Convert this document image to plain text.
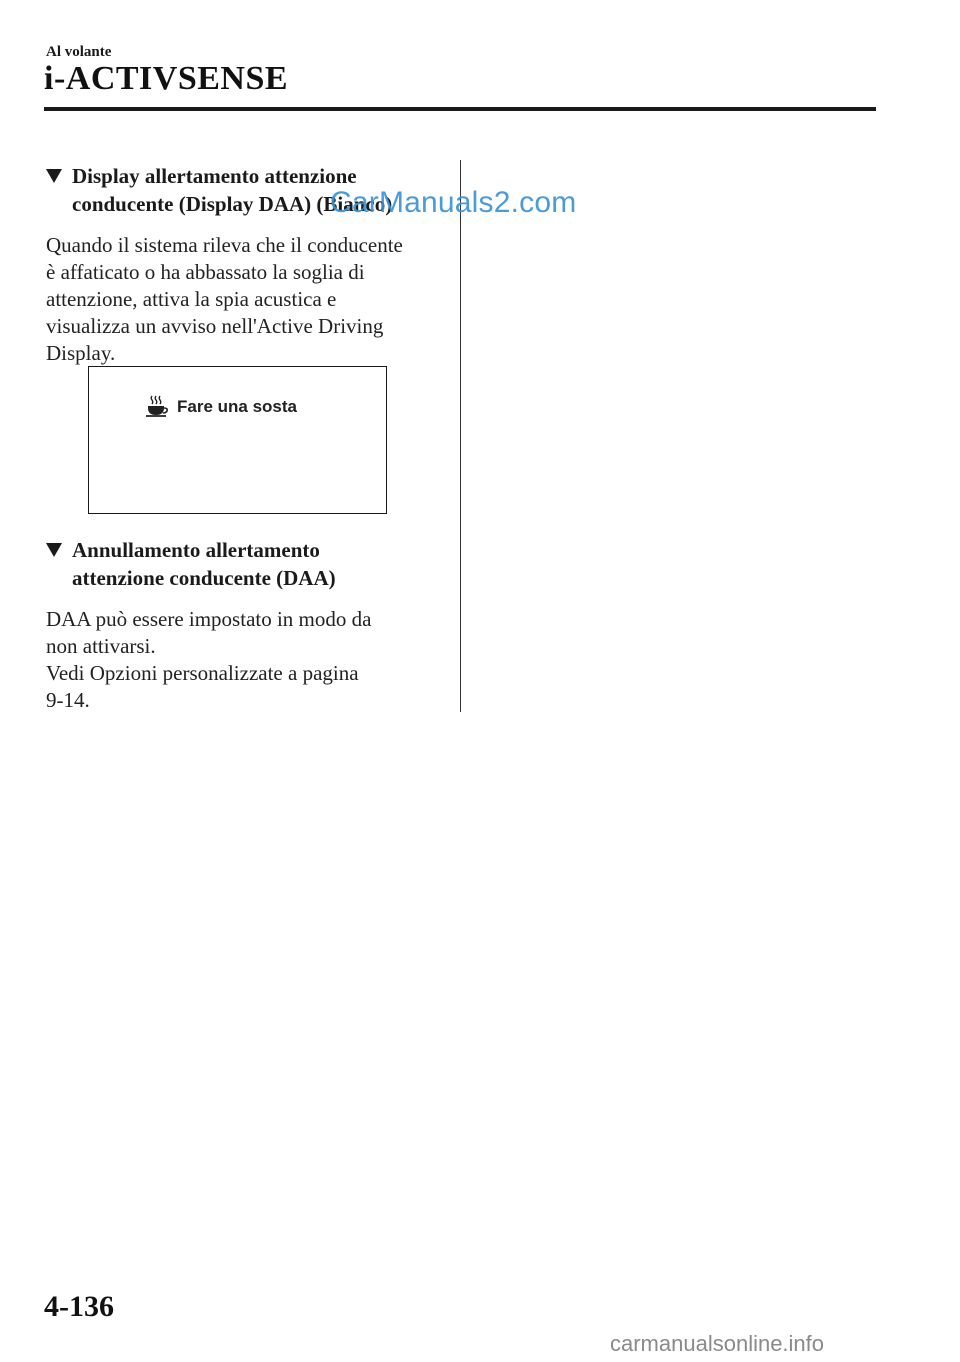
Al volante
i-ACTIVSENSE
Display allertamento attenzione
conducente (Display DAA) (Bianco)
Quando il sistema rileva che il conducente
è affaticato o ha abbassato la soglia di
attenzione, attiva la spia acustica e
visualizza un avviso nell'Active Driving
Display.
Fare una sosta
Annullamento allertamento
attenzione conducente (DAA)
DAA può essere impostato in modo da
non attivarsi.
Vedi Opzioni personalizzate a pagina
9-14.
CarManuals2.com
4-136
carmanualsonline.info
